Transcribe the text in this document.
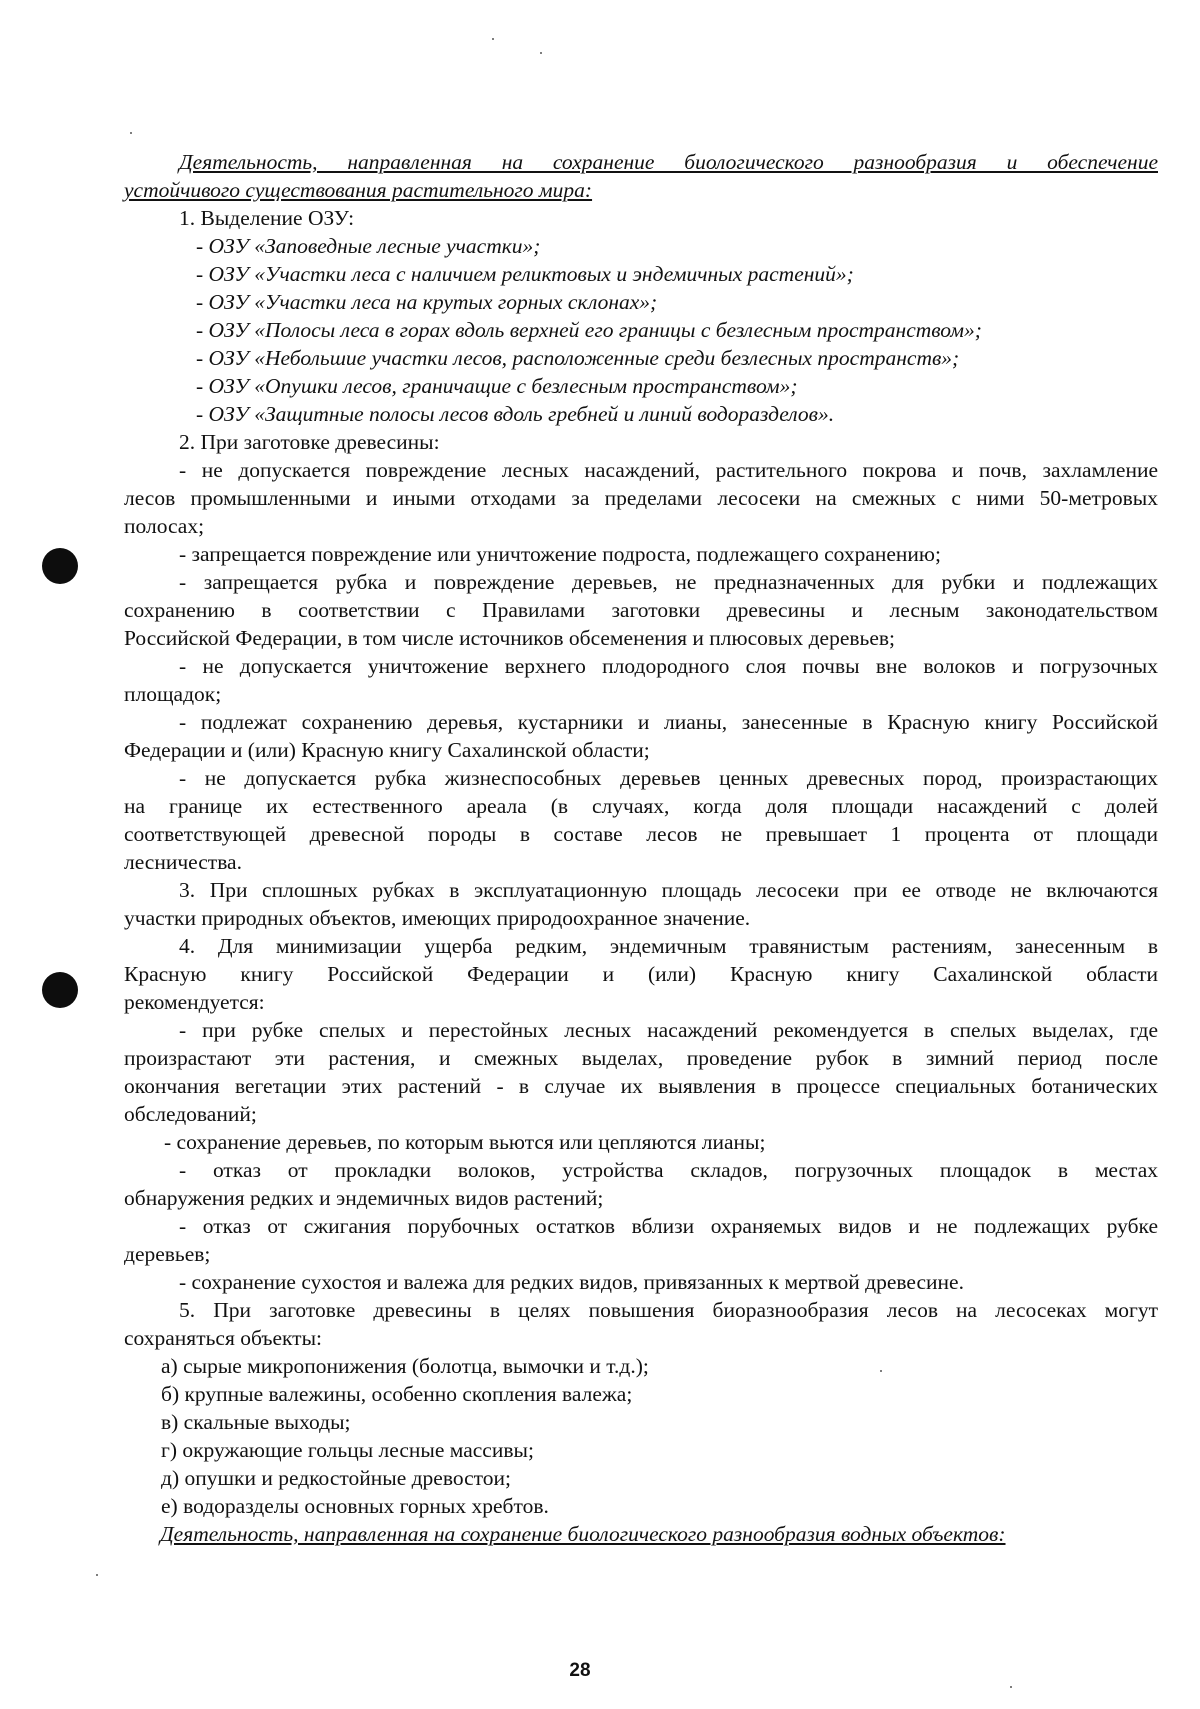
Деятельность, направленная на сохранение биологического разнообразия и обеспечение
устойчивого существования растительного мира:
1. Выделение ОЗУ:
- ОЗУ «Заповедные лесные участки»;
- ОЗУ «Участки леса с наличием реликтовых и эндемичных растений»;
- ОЗУ «Участки леса на крутых горных склонах»;
- ОЗУ «Полосы леса в горах вдоль верхней его границы с безлесным пространством»;
- ОЗУ «Небольшие участки лесов, расположенные среди безлесных пространств»;
- ОЗУ «Опушки лесов, граничащие с безлесным пространством»;
- ОЗУ «Защитные полосы лесов вдоль гребней и линий водоразделов».
2. При заготовке древесины:
- не допускается повреждение лесных насаждений, растительного покрова и почв, захламление
лесов промышленными и иными отходами за пределами лесосеки на смежных с ними 50-метровых
полосах;
- запрещается повреждение или уничтожение подроста, подлежащего сохранению;
- запрещается рубка и повреждение деревьев, не предназначенных для рубки и подлежащих
сохранению в соответствии с Правилами заготовки древесины и лесным законодательством
Российской Федерации, в том числе источников обсеменения и плюсовых деревьев;
- не допускается уничтожение верхнего плодородного слоя почвы вне волоков и погрузочных
площадок;
- подлежат сохранению деревья, кустарники и лианы, занесенные в Красную книгу Российской
Федерации и (или) Красную книгу Сахалинской области;
- не допускается рубка жизнеспособных деревьев ценных древесных пород, произрастающих
на границе их естественного ареала (в случаях, когда доля площади насаждений с долей
соответствующей древесной породы в составе лесов не превышает 1 процента от площади
лесничества.
3. При сплошных рубках в эксплуатационную площадь лесосеки при ее отводе не включаются
участки природных объектов, имеющих природоохранное значение.
4. Для минимизации ущерба редким, эндемичным травянистым растениям, занесенным в
Красную книгу Российской Федерации и (или) Красную книгу Сахалинской области
рекомендуется:
- при рубке спелых и перестойных лесных насаждений рекомендуется в спелых выделах, где
произрастают эти растения, и смежных выделах, проведение рубок в зимний период после
окончания вегетации этих растений - в случае их выявления в процессе специальных ботанических
обследований;
- сохранение деревьев, по которым вьются или цепляются лианы;
- отказ от прокладки волоков, устройства складов, погрузочных площадок в местах
обнаружения редких и эндемичных видов растений;
- отказ от сжигания порубочных остатков вблизи охраняемых видов и не подлежащих рубке
деревьев;
- сохранение сухостоя и валежа для редких видов, привязанных к мертвой древесине.
5. При заготовке древесины в целях повышения биоразнообразия лесов на лесосеках могут
сохраняться объекты:
а) сырые микропонижения (болотца, вымочки и т.д.);
б) крупные валежины, особенно скопления валежа;
в) скальные выходы;
г) окружающие гольцы лесные массивы;
д) опушки и редкостойные древостои;
е) водоразделы основных горных хребтов.
Деятельность, направленная на сохранение биологического разнообразия водных объектов:
28
